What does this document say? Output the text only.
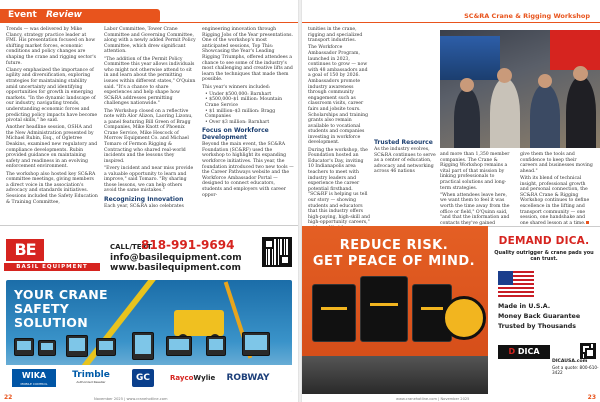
Event Review

Trends — was delivered by Mike Clancy, strategy practice leader at FMI. His presentation focused on how shifting market forces, economic conditions and policy changes are shaping the crane and rigging sector's future.

Clancy emphasized the importance of agility and diversification, exploring strategies for maintaining stability amid uncertainty and identifying opportunities for growth in emerging markets. "In the dynamic landscape of our industry, navigating trends, understanding economic forces and predicting policy impacts have become pivotal skills," he said.

Another headline session, OSHA and the New Administration presented by Michael Rubin, Esq., of Ogletree Deakins, examined new regulatory and compliance developments. Rubin provided guidance on maintaining safety and readiness in an evolving enforcement environment.

The workshop also hosted key SC&RA committee meetings, giving members a direct voice in the association's advocacy and standards initiatives. Sessions included the Safety Education & Training Committee,

Labor Committee, Tower Crane Committee and Governing Committee, along with a newly added Permit Policy Committee, which drew significant attention.

"The addition of the Permit Policy Committee this year allows individuals who might not otherwise attend to sit in and learn about the permitting issues within different states," O'Quinn said. "It's a chance to share experiences and help shape how SC&RA addresses permitting challenges nationwide."

The Workshop closed on a reflective note with Alor Alizon, Laoring Lizonu, a panel featuring Bill Green of Bragg Companies, Mike Knott of Phoenix Crane Service, Mike Hescock of Morrow Equipment Co. and Michael Tomaro of Fermon Rigging & Contracting who shared real-world incidents and the lessons they inspired.

"Every incident and near miss provide a valuable opportunity to learn and improve," said Tomaro. "By sharing those lessons, we can help others avoid the same mistakes."

Recognizing Innovation

Each year, SC&RA also celebrates

engineering innovation through Rigging Jobs of the Year presentations. One of the workshop's most anticipated sessions, Top This: Showcasing the Year's Leading Rigging Triumphs, offered attendees a chance to see some of the industry's most challenging and creative lifts and learn the techniques that made them possible.

This year's winners included:

• Under $500,000: Barnhart
• $500,000–$1 million: Mountain Crane Service
• $1 million–$3 million: Bragg Companies
• Over $3 million: Barnhart
Focus on Workforce Development

Beyond the main event, the SC&RA Foundation (SC&RF) used the workshop to highlight its expanding workforce initiatives. This year, the foundation introduced two new tools — the Career Pathways website and the Workforce Ambassador Portal — designed to connect educators, students and employers with career oppor-

BE
BASIL EQUIPMENT
CALL/TEXT
818-991-9694
info@basilequipment.com
www.basilequipment.com
YOUR CRANE
SAFETY
SOLUTION
WIKA
MOBILE CONTROL
Trimble
Authorized Reseller	GC	RaycoWylie	ROBWAY
22	November 2025 | www.cranehotline.com
SC&RA Crane & Rigging Workshop

tunities in the crane, rigging and specialized transport industries.

The Workforce Ambassador Program, launched in 2023, continues to grow — now with 48 ambassadors and a goal of 150 by 2026. Ambassadors promote industry awareness through community engagement such as classroom visits, career fairs and jobsite tours. Scholarships and training grants also remain available to vocational students and companies investing in workforce development.

During the workshop, the Foundation hosted an Educator's Day, inviting 10 Indianapolis area teachers to meet with industry leaders and experience the career potential firsthand. "SC&RF is helping us tell our story — showing students and educators that this industry offers high-paying, high-skill and high-opportunity careers,"

Trusted Resource

As the industry evolves, SC&RA continues to serve as a center of education, advocacy and networking across 46 nations

and more than 1,350 member companies. The Crane & Rigging Workshop remains a vital part of that mission by linking professionals to practical solutions and long-term strategies.

"When attendees leave here, we want them to feel it was worth the time away from the office or field," O'Quinn said, "and that the information and contacts they've gained

give them the tools and confidence to keep their careers and businesses moving ahead."

With its blend of technical insight, professional growth and personal connection, the SC&RA Crane & Rigging Workshop continues to define excellence in the lifting and transport community — one session, one handshake and one shared lesson at a time.

REDUCE RISK.
GET PEACE OF MIND.
DEMAND DICA.
Quality outrigger & crane pads you can trust.
Made in U.S.A.
Money Back Guarantee
Trusted by Thousands
D DICA
DICAUSA.com
Get a quote: 800-610-3422
www.cranehotline.com | November 2025	23
